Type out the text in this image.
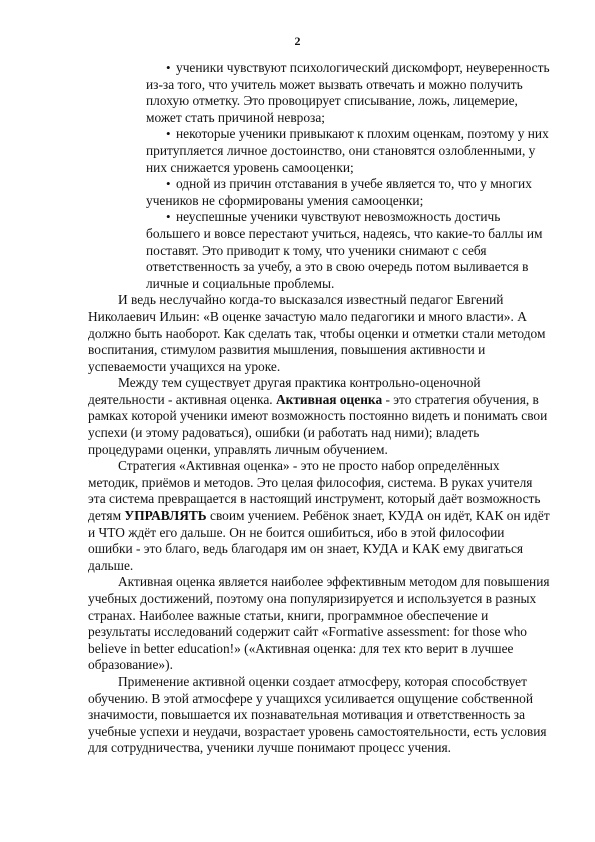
2
• ученики чувствуют психологический дискомфорт, неуверенность из-за того, что учитель может вызвать отвечать и можно получить плохую отметку. Это провоцирует списывание, ложь, лицемерие, может стать причиной невроза;
• некоторые ученики привыкают к плохим оценкам, поэтому у них притупляется личное достоинство, они становятся озлобленными, у них снижается уровень самооценки;
• одной из причин отставания в учебе является то, что у многих учеников не сформированы умения самооценки;
• неуспешные ученики чувствуют невозможность достичь большего и вовсе перестают учиться, надеясь, что какие-то баллы им поставят. Это приводит к тому, что ученики снимают с себя ответственность за учебу, а это в свою очередь потом выливается в личные и социальные проблемы.

И ведь неслучайно когда-то высказался известный педагог Евгений Николаевич Ильин: «В оценке зачастую мало педагогики и много власти». А должно быть наоборот. Как сделать так, чтобы оценки и отметки стали методом воспитания, стимулом развития мышления, повышения активности и успеваемости учащихся на уроке.

Между тем существует другая практика контрольно-оценочной деятельности - активная оценка. Активная оценка - это стратегия обучения, в рамках которой ученики имеют возможность постоянно видеть и понимать свои успехи (и этому радоваться), ошибки (и работать над ними); владеть процедурами оценки, управлять личным обучением.

Стратегия «Активная оценка» - это не просто набор определённых методик, приёмов и методов. Это целая философия, система. В руках учителя эта система превращается в настоящий инструмент, который даёт возможность детям УПРАВЛЯТЬ своим учением. Ребёнок знает, КУДА он идёт, КАК он идёт и ЧТО ждёт его дальше. Он не боится ошибиться, ибо в этой философии ошибки - это благо, ведь благодаря им он знает, КУДА и КАК ему двигаться дальше.

Активная оценка является наиболее эффективным методом для повышения учебных достижений, поэтому она популяризируется и используется в разных странах. Наиболее важные статьи, книги, программное обеспечение и результаты исследований содержит сайт «Formative assessment: for those who believe in better education!» («Активная оценка: для тех кто верит в лучшее образование»).

Применение активной оценки создает атмосферу, которая способствует обучению. В этой атмосфере у учащихся усиливается ощущение собственной значимости, повышается их познавательная мотивация и ответственность за учебные успехи и неудачи, возрастает уровень самостоятельности, есть условия для сотрудничества, ученики лучше понимают процесс учения.
